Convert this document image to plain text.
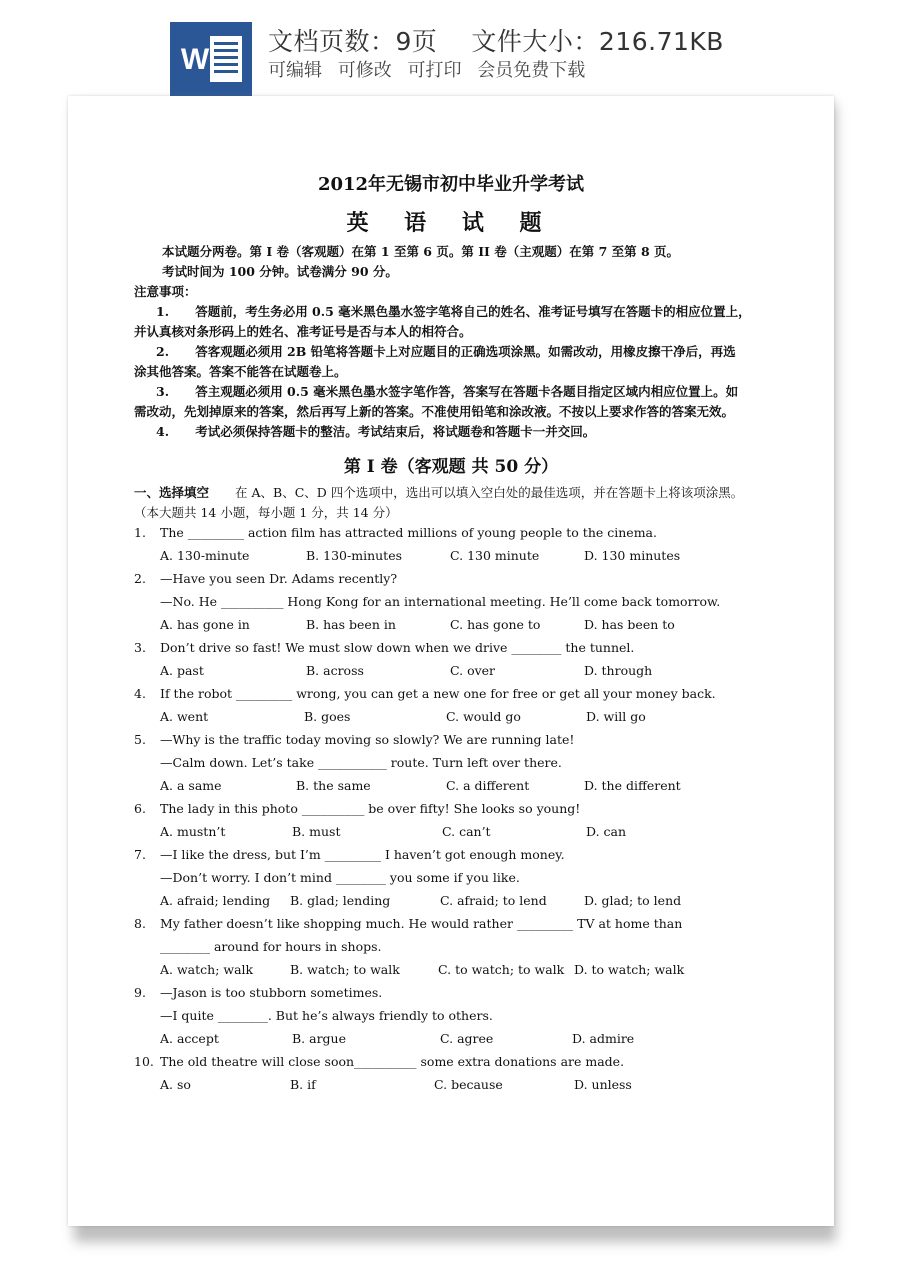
W
文档页数：9页 文件大小：216.71KB
可编辑 可修改 可打印 会员免费下载
2012年无锡市初中毕业升学考试
英 语 试 题
本试题分两卷。第 I 卷（客观题）在第 1 至第 6 页。第 II 卷（主观题）在第 7 至第 8 页。
考试时间为 100 分钟。试卷满分 90 分。
注意事项：
1. 答题前，考生务必用 0.5 毫米黑色墨水签字笔将自己的姓名、准考证号填写在答题卡的相应位置上，
并认真核对条形码上的姓名、准考证号是否与本人的相符合。
2. 答客观题必须用 2B 铅笔将答题卡上对应题目的正确选项涂黑。如需改动，用橡皮擦干净后，再选
涂其他答案。答案不能答在试题卷上。
3. 答主观题必须用 0.5 毫米黑色墨水签字笔作答，答案写在答题卡各题目指定区域内相应位置上。如
需改动，先划掉原来的答案，然后再写上新的答案。不准使用铅笔和涂改液。不按以上要求作答的答案无效。
4. 考试必须保持答题卡的整洁。考试结束后，将试题卷和答题卡一并交回。
第 I 卷（客观题 共 50 分）
一、选择填空 在 A、B、C、D 四个选项中，选出可以填入空白处的最佳选项，并在答题卡上将该项涂黑。
（本大题共 14 小题，每小题 1 分，共 14 分）
1. The _________ action film has attracted millions of young people to the cinema.
A. 130-minute	B. 130-minutes	C. 130 minute	D. 130 minutes
2. —Have you seen Dr. Adams recently?
—No. He __________ Hong Kong for an international meeting. He’ll come back tomorrow.
A. has gone in	B. has been in	C. has gone to	D. has been to
3. Don’t drive so fast! We must slow down when we drive ________ the tunnel.
A. past	B. across	C. over	D. through
4. If the robot _________ wrong, you can get a new one for free or get all your money back.
A. went	B. goes	C. would go	D. will go
5. —Why is the traffic today moving so slowly? We are running late!
—Calm down. Let’s take ___________ route. Turn left over there.
A. a same	B. the same	C. a different	D. the different
6. The lady in this photo __________ be over fifty! She looks so young!
A. mustn’t	B. must	C. can’t	D. can
7. —I like the dress, but I’m _________ I haven’t got enough money.
—Don’t worry. I don’t mind ________ you some if you like.
A. afraid; lending B. glad; lending	C. afraid; to lend	D. glad; to lend
8. My father doesn’t like shopping much. He would rather _________ TV at home than
________ around for hours in shops.
A. watch; walk	B. watch; to walk	C. to watch; to walk D. to watch; walk
9. —Jason is too stubborn sometimes.
—I quite ________. But he’s always friendly to others.
A. accept	B. argue	C. agree	D. admire
10. The old theatre will close soon__________ some extra donations are made.
A. so	B. if	C. because	D. unless
